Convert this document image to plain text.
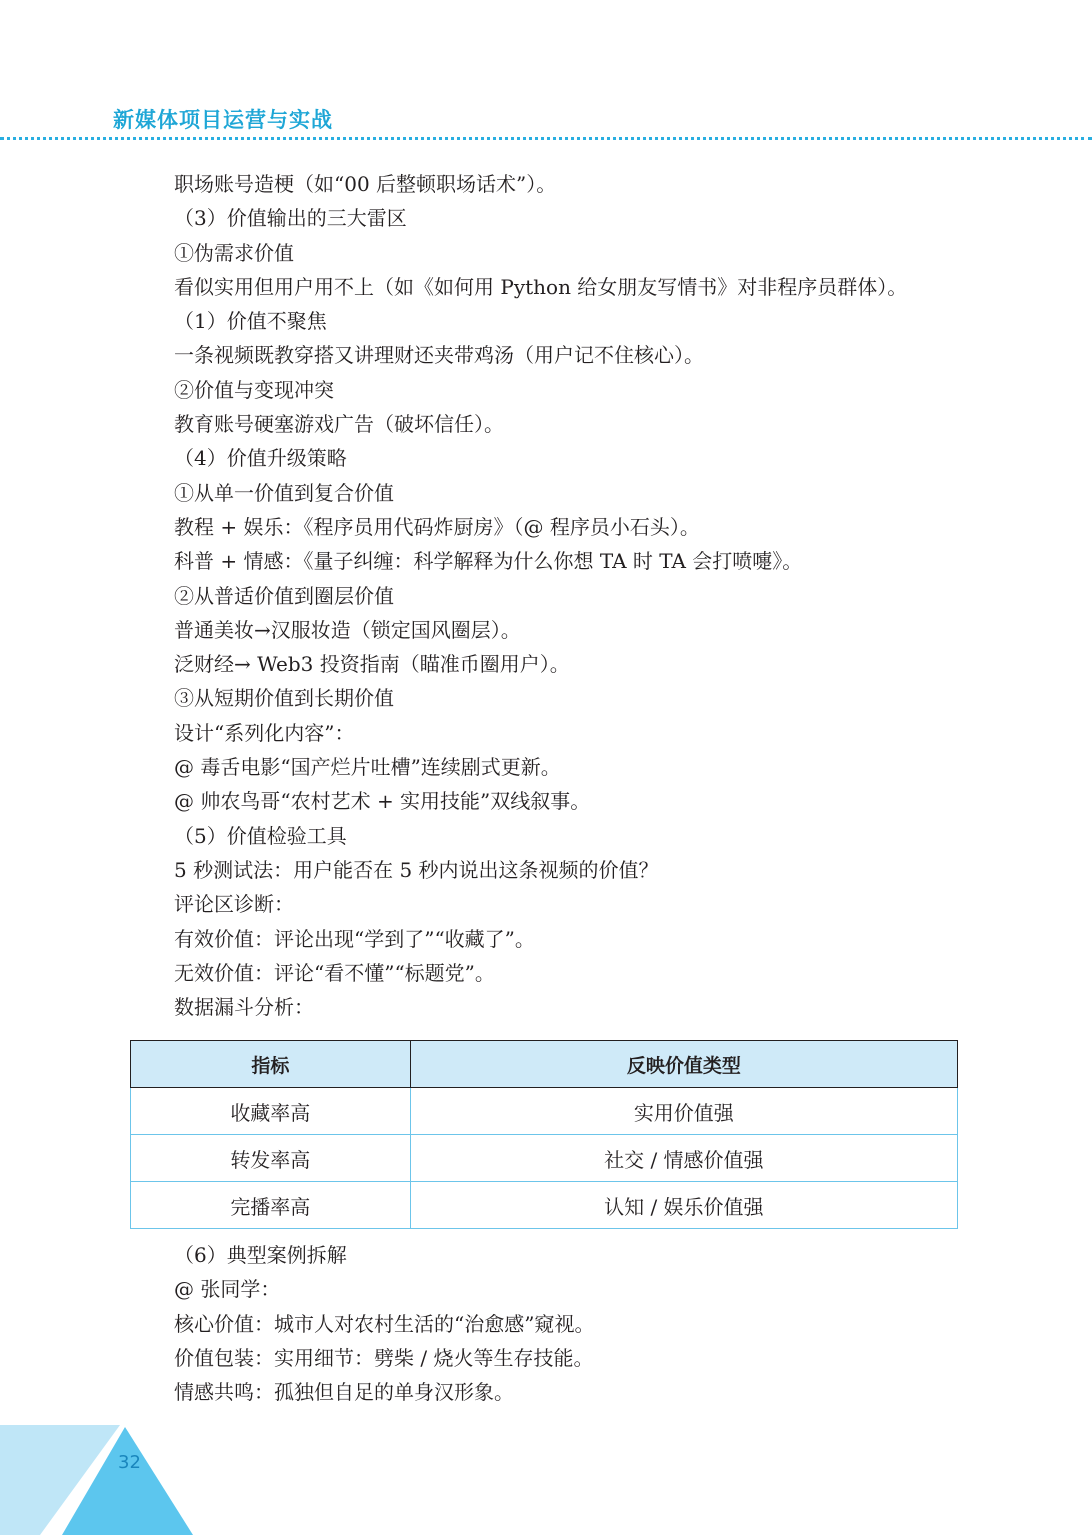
新媒体项目运营与实战
职场账号造梗（如“00 后整顿职场话术”）。
（3）价值输出的三大雷区
①伪需求价值
看似实用但用户用不上（如《如何用 Python 给女朋友写情书》对非程序员群体）。
（1）价值不聚焦
一条视频既教穿搭又讲理财还夹带鸡汤（用户记不住核心）。
②价值与变现冲突
教育账号硬塞游戏广告（破坏信任）。
（4）价值升级策略
①从单一价值到复合价值
教程 + 娱乐：《程序员用代码炸厨房》（@ 程序员小石头）。
科普 + 情感：《量子纠缠：科学解释为什么你想 TA 时 TA 会打喷嚏》。
②从普适价值到圈层价值
普通美妆→汉服妆造（锁定国风圈层）。
泛财经→ Web3 投资指南（瞄准币圈用户）。
③从短期价值到长期价值
设计“系列化内容”：
@ 毒舌电影“国产烂片吐槽”连续剧式更新。
@ 帅农鸟哥“农村艺术 + 实用技能”双线叙事。
（5）价值检验工具
5 秒测试法：用户能否在 5 秒内说出这条视频的价值？
评论区诊断：
有效价值：评论出现“学到了”“收藏了”。
无效价值：评论“看不懂”“标题党”。
数据漏斗分析：
指标	反映价值类型
收藏率高	实用价值强
转发率高	社交 / 情感价值强
完播率高	认知 / 娱乐价值强
（6）典型案例拆解
@ 张同学：
核心价值：城市人对农村生活的“治愈感”窥视。
价值包装：实用细节：劈柴 / 烧火等生存技能。
情感共鸣：孤独但自足的单身汉形象。
32
